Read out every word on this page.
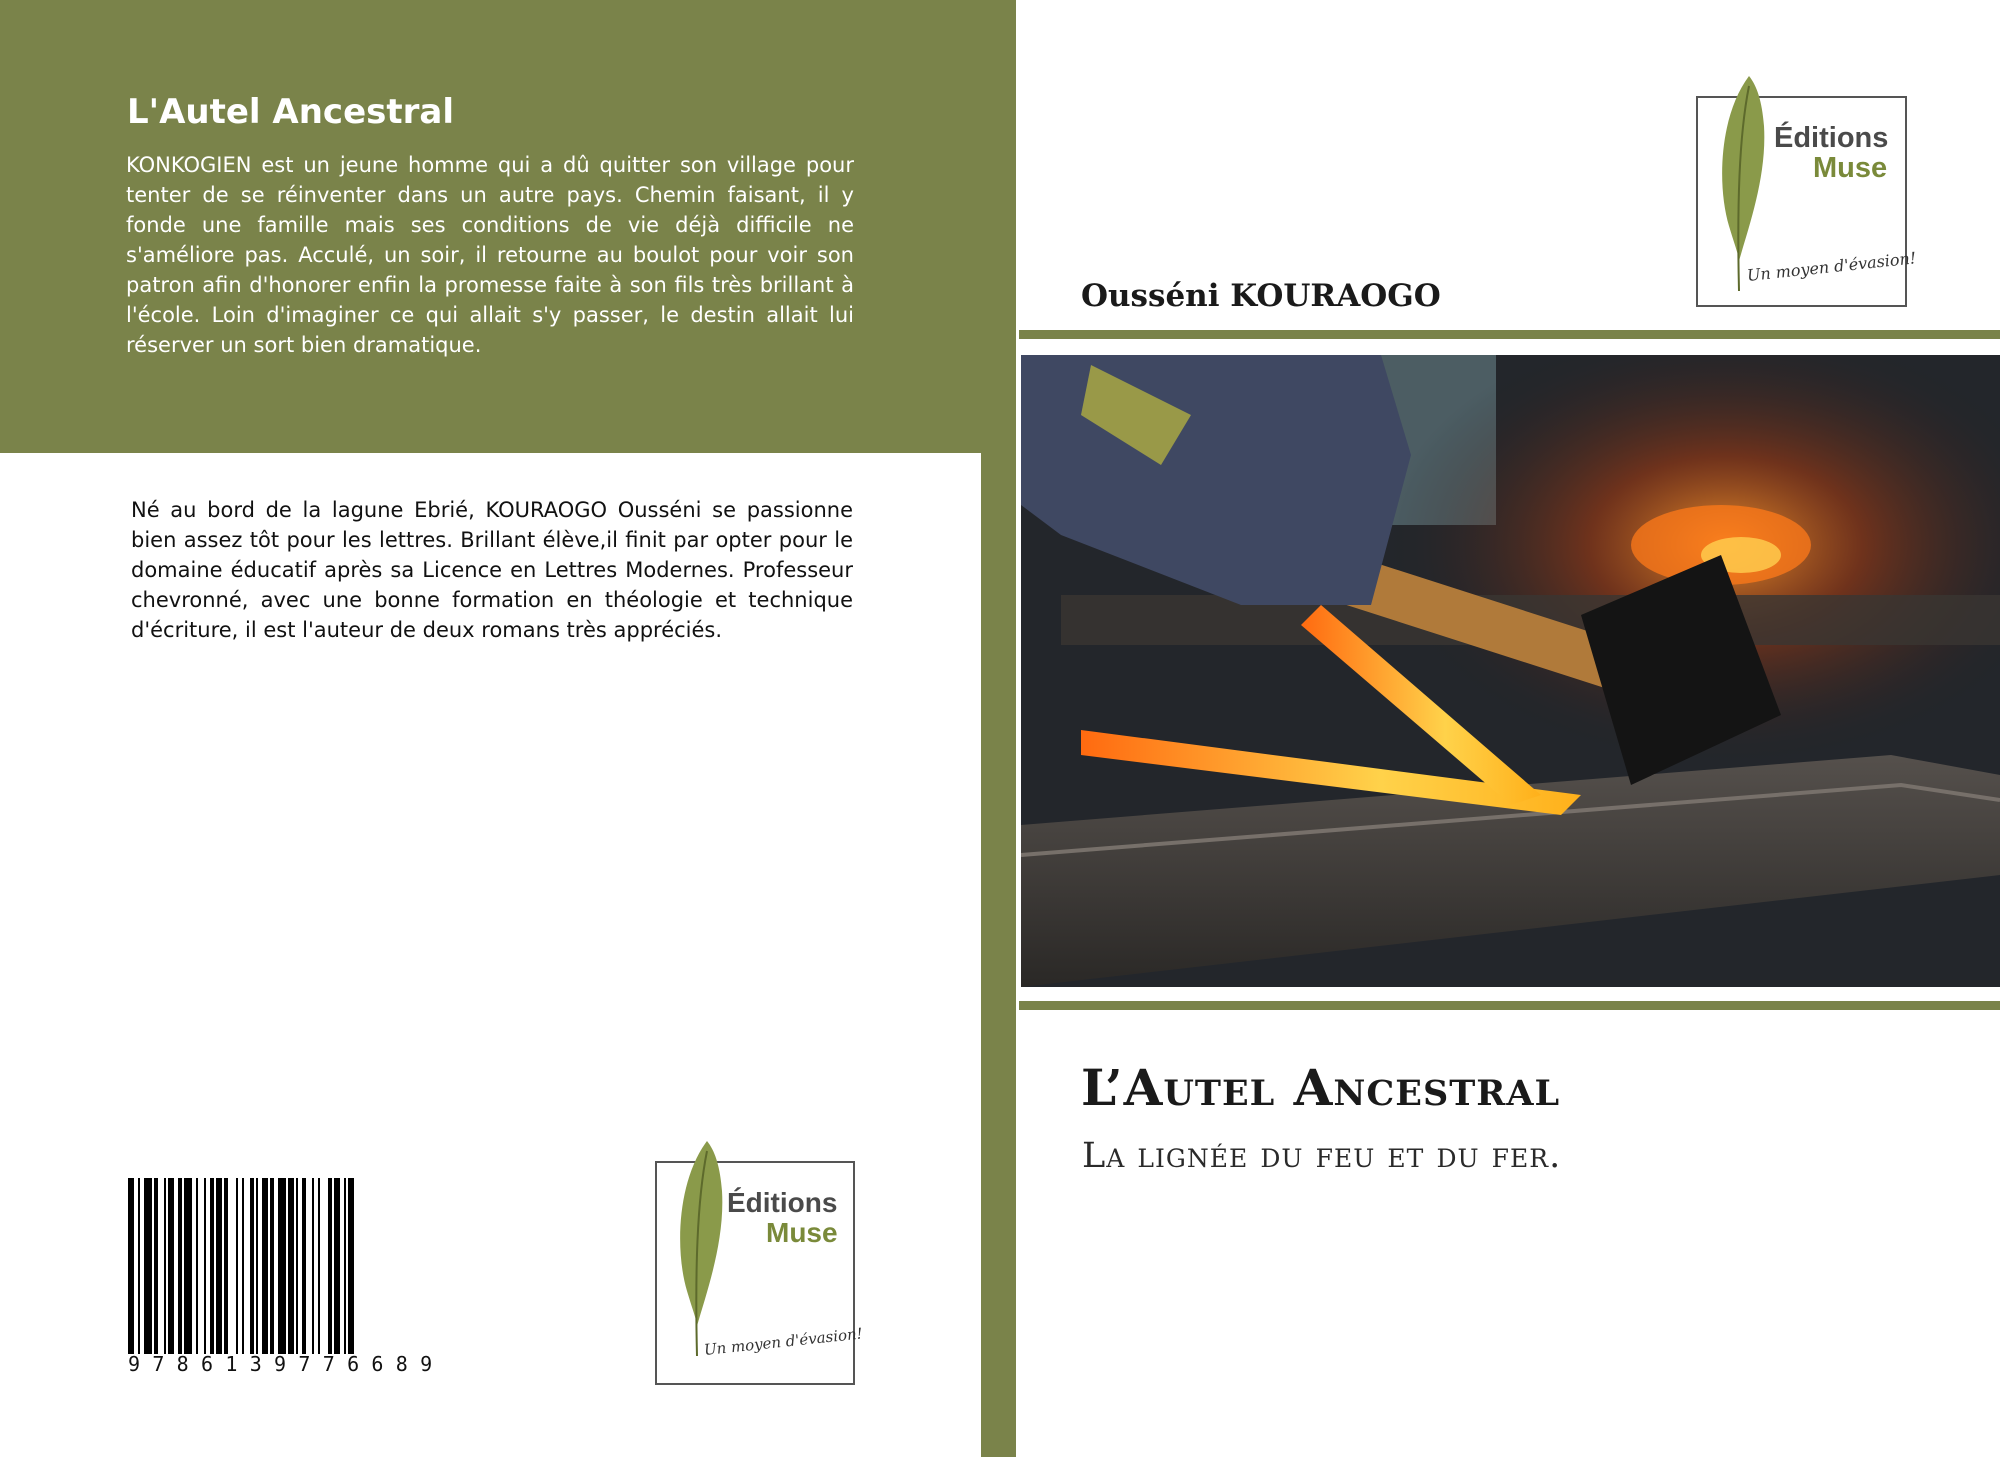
L'Autel Ancestral
KONKOGIEN est un jeune homme qui a dû quitter son village pour tenter de se réinventer dans un autre pays. Chemin faisant, il y fonde une famille mais ses conditions de vie déjà difficile ne s'améliore pas. Acculé, un soir, il retourne au boulot pour voir son patron afin d'honorer enfin la promesse faite à son fils très brillant à l'école. Loin d'imaginer ce qui allait s'y passer, le destin allait lui réserver un sort bien dramatique.
Né au bord de la lagune Ebrié, KOURAOGO Ousséni se passionne bien assez tôt pour les lettres. Brillant élève,il finit par opter pour le domaine éducatif après sa Licence en Lettres Modernes. Professeur chevronné, avec une bonne formation en théologie et technique d'écriture, il est l'auteur de deux romans très appréciés.
9786139776689
Éditions
Muse
Un moyen d'évasion!
Éditions
Muse
Un moyen d'évasion!
Ousséni KOURAOGO
L’Autel Ancestral
La lignée du feu et du fer.
